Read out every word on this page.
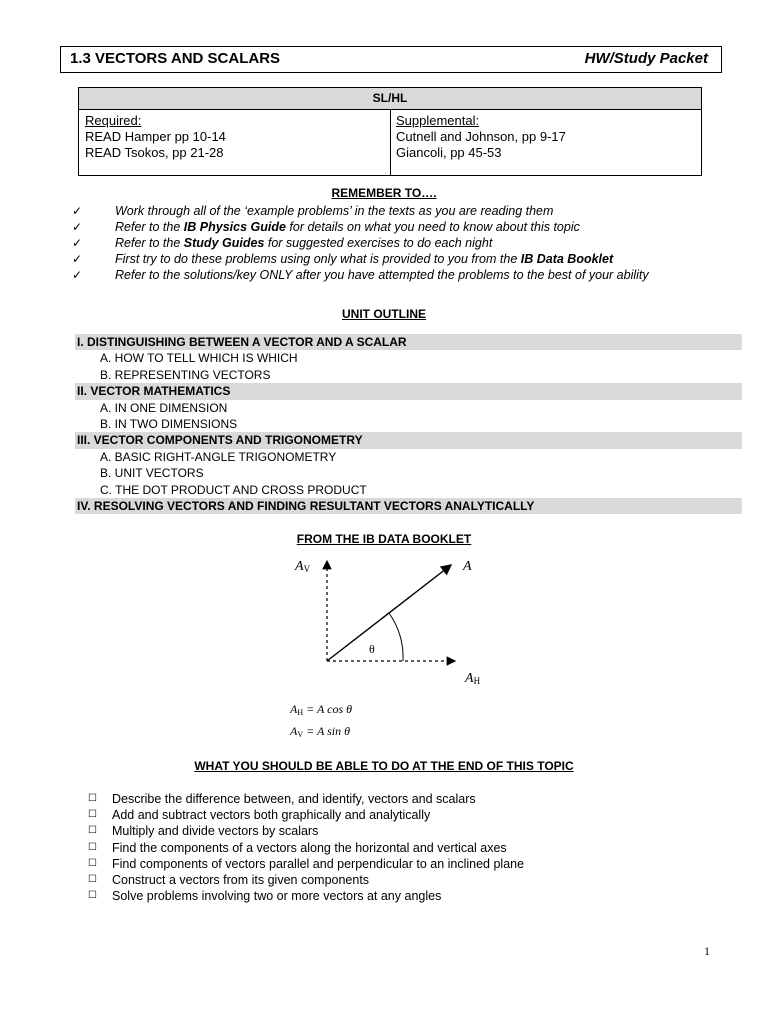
1.3 VECTORS AND SCALARS	HW/Study Packet
SL/HL
Required:
READ Hamper pp 10-14
READ Tsokos, pp 21-28
Supplemental:
Cutnell and Johnson, pp 9-17
Giancoli, pp 45-53
REMEMBER TO….
✓	Work through all of the ‘example problems’ in the texts as you are reading them
✓	Refer to the IB Physics Guide for details on what you need to know about this topic
✓	Refer to the Study Guides for suggested exercises to do each night
✓	First try to do these problems using only what is provided to you from the IB Data Booklet
✓	Refer to the solutions/key ONLY after you have attempted the problems to the best of your ability
UNIT OUTLINE
I. DISTINGUISHING BETWEEN A VECTOR AND A SCALAR
A. HOW TO TELL WHICH IS WHICH
B. REPRESENTING VECTORS
II. VECTOR MATHEMATICS
A. IN ONE DIMENSION
B. IN TWO DIMENSIONS
III. VECTOR COMPONENTS AND TRIGONOMETRY
A. BASIC RIGHT-ANGLE TRIGONOMETRY
B. UNIT VECTORS
C. THE DOT PRODUCT AND CROSS PRODUCT
IV. RESOLVING VECTORS AND FINDING RESULTANT VECTORS ANALYTICALLY
FROM THE IB DATA BOOKLET
AV	A
θ
AH
AH = A cos θ
AV = A sin θ
WHAT YOU SHOULD BE ABLE TO DO AT THE END OF THIS TOPIC
☐ Describe the difference between, and identify, vectors and scalars
☐ Add and subtract vectors both graphically and analytically
☐ Multiply and divide vectors by scalars
☐ Find the components of a vectors along the horizontal and vertical axes
☐ Find components of vectors parallel and perpendicular to an inclined plane
☐ Construct a vectors from its given components
☐ Solve problems involving two or more vectors at any angles
1
